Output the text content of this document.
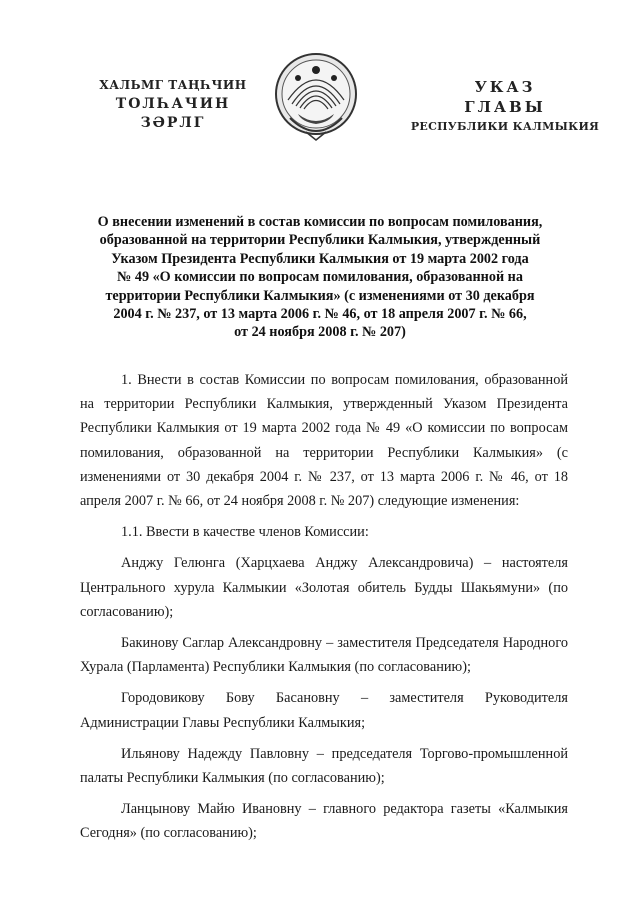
ХАЛЬМГ ТАҢҺЧИН
ТОЛҺАЧИН
ЗӘРЛГ
УКАЗ
ГЛАВЫ
РЕСПУБЛИКИ КАЛМЫКИЯ
О внесении изменений в состав комиссии по вопросам помилования,
образованной на территории Республики Калмыкия, утвержденный
Указом Президента Республики Калмыкия от 19 марта 2002 года
№ 49 «О комиссии по вопросам помилования, образованной на
территории Республики Калмыкия» (с изменениями от 30 декабря
2004 г. № 237, от 13 марта 2006 г. № 46, от 18 апреля 2007 г. № 66,
от 24 ноября 2008 г. № 207)

1. Внести в состав Комиссии по вопросам помилования, образованной на территории Республики Калмыкия, утвержденный Указом Президента Республики Калмыкия от 19 марта 2002 года № 49 «О комиссии по вопросам помилования, образованной на территории Республики Калмыкия» (с изменениями от 30 декабря 2004 г. № 237, от 13 марта 2006 г. № 46, от 18 апреля 2007 г. № 66, от 24 ноября 2008 г. № 207) следующие изменения:

1.1. Ввести в качестве членов Комиссии:

Анджу Гелюнга (Харцхаева Анджу Александровича) – настоятеля Центрального хурула Калмыкии «Золотая обитель Будды Шакьямуни» (по согласованию);

Бакинову Саглар Александровну – заместителя Председателя Народного Хурала (Парламента) Республики Калмыкия (по согласованию);

Городовикову Бову Басановну – заместителя Руководителя Администрации Главы Республики Калмыкия;

Ильянову Надежду Павловну – председателя Торгово-промышленной палаты Республики Калмыкия (по согласованию);

Ланцынову Майю Ивановну – главного редактора газеты «Калмыкия Сегодня» (по согласованию);
